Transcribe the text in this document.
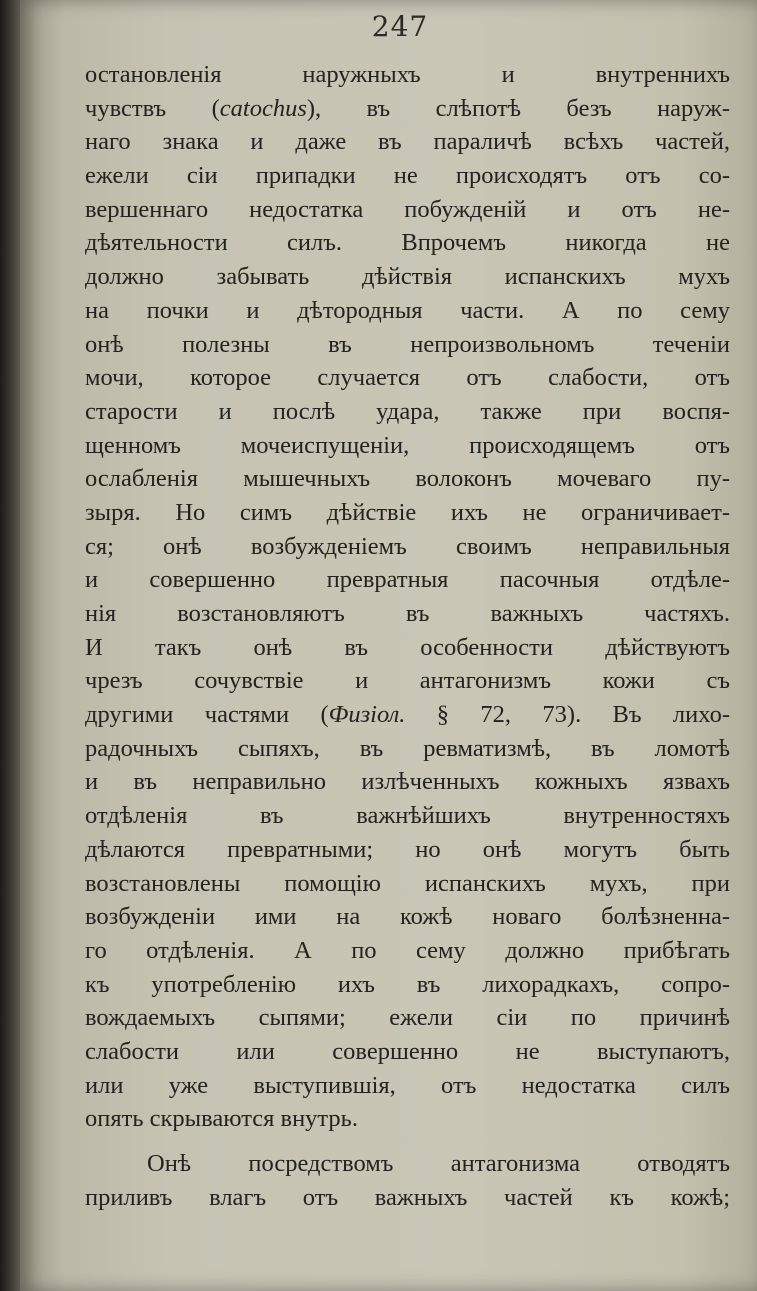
247
остановленія наружныхъ и внутреннихъ
чувствъ (catochus), въ слѣпотѣ безъ наруж-
наго знака и даже въ параличѣ всѣхъ частей,
ежели сіи припадки не происходятъ отъ со-
вершеннаго недостатка побужденій и отъ не-
дѣятельности силъ. Впрочемъ никогда не
должно забывать дѣйствія испанскихъ мухъ
на почки и дѣтородныя части. А по сему
онѣ полезны въ непроизвольномъ теченіи
мочи, которое случается отъ слабости, отъ
старости и послѣ удара, также при воспя-
щенномъ мочеиспущеніи, происходящемъ отъ
ослабленія мышечныхъ волоконъ мочеваго пу-
зыря. Но симъ дѣйствіе ихъ не ограничивает-
ся; онѣ возбужденіемъ своимъ неправильныя
и совершенно превратныя пасочныя отдѣле-
нія возстановляютъ въ важныхъ частяхъ.
И такъ онѣ въ особенности дѣйствуютъ
чрезъ сочувствіе и антагонизмъ кожи съ
другими частями (Физіол. § 72, 73). Въ лихо-
радочныхъ сыпяхъ, въ ревматизмѣ, въ ломотѣ
и въ неправильно излѣченныхъ кожныхъ язвахъ
отдѣленія въ важнѣйшихъ внутренностяхъ
дѣлаются превратными; но онѣ могутъ быть
возстановлены помощію испанскихъ мухъ, при
возбужденіи ими на кожѣ новаго болѣзненна-
го отдѣленія. А по сему должно прибѣгать
къ употребленію ихъ въ лихорадкахъ, сопро-
вождаемыхъ сыпями; ежели сіи по причинѣ
слабости или совершенно не выступаютъ,
или уже выступившія, отъ недостатка силъ
опять скрываются внутрь.
Онѣ посредствомъ антагонизма отводятъ
приливъ влагъ отъ важныхъ частей къ кожѣ;
